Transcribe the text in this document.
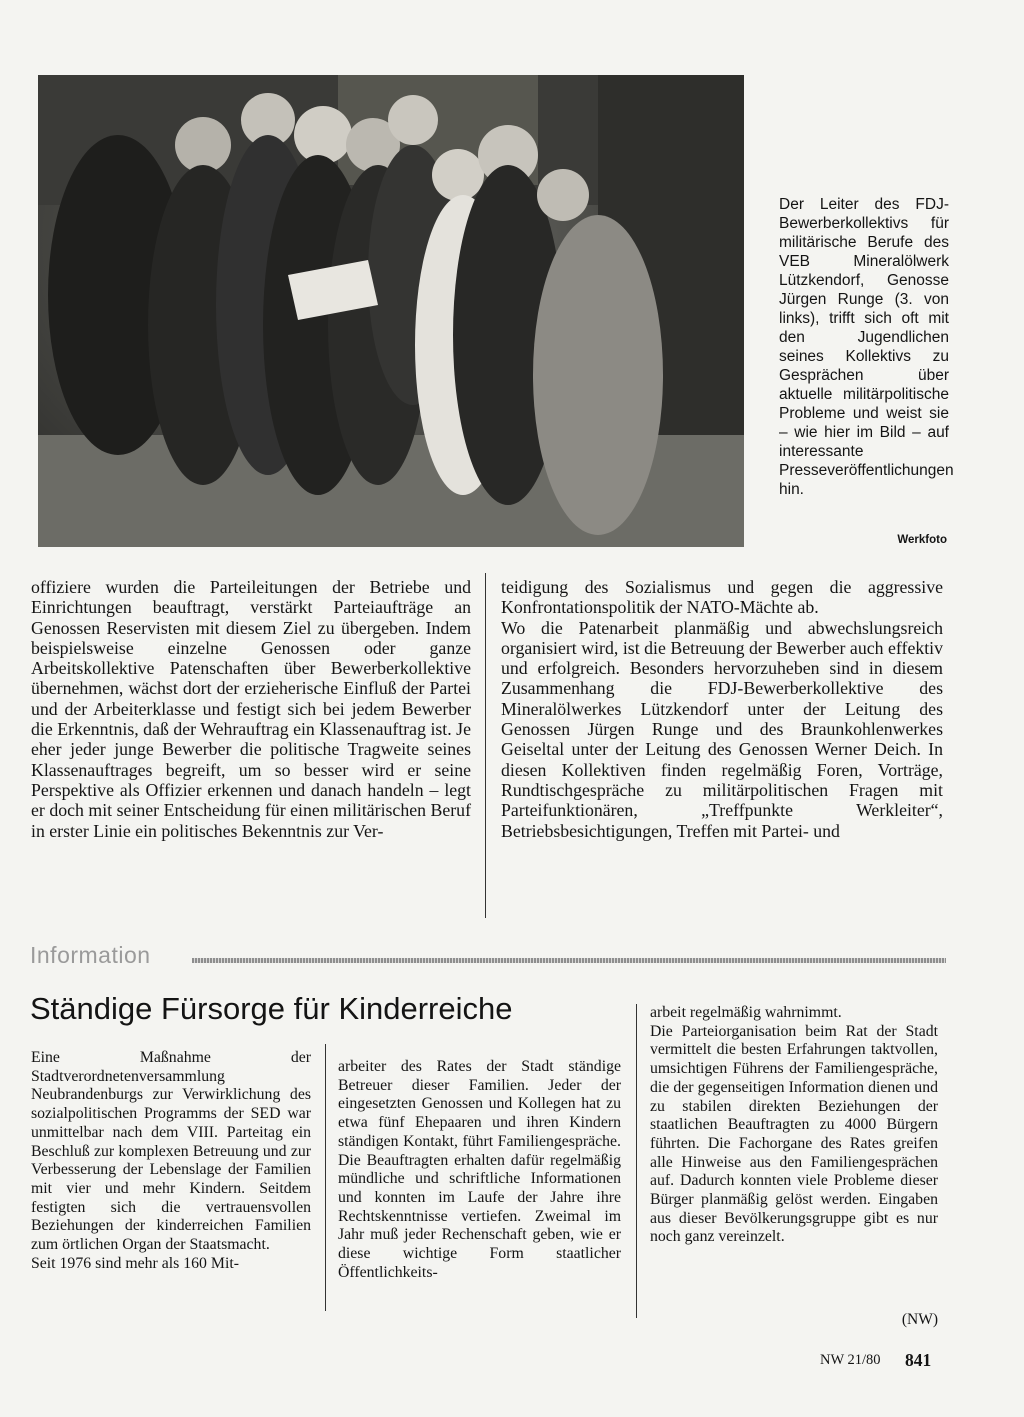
Der Leiter des FDJ-Bewerberkollektivs für militärische Berufe des VEB Mineralölwerk Lützkendorf, Genosse Jürgen Runge (3. von links), trifft sich oft mit den Jugendlichen seines Kollektivs zu Gesprächen über aktuelle militärpolitische Probleme und weist sie – wie hier im Bild – auf interessante Presseveröffentlichungen hin.

Werkfoto

offiziere wurden die Parteileitungen der Betriebe und Einrichtungen beauftragt, verstärkt Parteiaufträge an Genossen Reservisten mit diesem Ziel zu übergeben. Indem beispielsweise einzelne Genossen oder ganze Arbeitskollektive Patenschaften über Bewerberkollektive übernehmen, wächst dort der erzieherische Einfluß der Partei und der Arbeiterklasse und festigt sich bei jedem Bewerber die Erkenntnis, daß der Wehrauftrag ein Klassenauftrag ist. Je eher jeder junge Bewerber die politische Tragweite seines Klassenauftrages begreift, um so besser wird er seine Perspektive als Offizier erkennen und danach handeln – legt er doch mit seiner Entscheidung für einen militärischen Beruf in erster Linie ein politisches Bekenntnis zur Ver-

teidigung des Sozialismus und gegen die aggressive Konfrontationspolitik der NATO-Mächte ab.
Wo die Patenarbeit planmäßig und abwechslungsreich organisiert wird, ist die Betreuung der Bewerber auch effektiv und erfolgreich. Besonders hervorzuheben sind in diesem Zusammenhang die FDJ-Bewerberkollektive des Mineralölwerkes Lützkendorf unter der Leitung des Genossen Jürgen Runge und des Braunkohlenwerkes Geiseltal unter der Leitung des Genossen Werner Deich. In diesen Kollektiven finden regelmäßig Foren, Vorträge, Rundtischgespräche zu militärpolitischen Fragen mit Parteifunktionären, „Treffpunkte Werkleiter“, Betriebsbesichtigungen, Treffen mit Partei- und
Information
Ständige Fürsorge für Kinderreiche
Eine Maßnahme der Stadtverordnetenversammlung Neubrandenburgs zur Verwirklichung des sozialpolitischen Programms der SED war unmittelbar nach dem VIII. Parteitag ein Beschluß zur komplexen Betreuung und zur Verbesserung der Lebenslage der Familien mit vier und mehr Kindern. Seitdem festigten sich die vertrauensvollen Beziehungen der kinderreichen Familien zum örtlichen Organ der Staatsmacht.
Seit 1976 sind mehr als 160 Mit-

arbeiter des Rates der Stadt ständige Betreuer dieser Familien. Jeder der eingesetzten Genossen und Kollegen hat zu etwa fünf Ehepaaren und ihren Kindern ständigen Kontakt, führt Familiengespräche. Die Beauftragten erhalten dafür regelmäßig mündliche und schriftliche Informationen und konnten im Laufe der Jahre ihre Rechtskenntnisse vertiefen. Zweimal im Jahr muß jeder Rechenschaft geben, wie er diese wichtige Form staatlicher Öffentlichkeits-

arbeit regelmäßig wahrnimmt.
Die Parteiorganisation beim Rat der Stadt vermittelt die besten Erfahrungen taktvollen, umsichtigen Führens der Familiengespräche, die der gegenseitigen Information dienen und zu stabilen direkten Beziehungen der staatlichen Beauftragten zu 4000 Bürgern führten. Die Fachorgane des Rates greifen alle Hinweise aus den Familiengesprächen auf. Dadurch konnten viele Probleme dieser Bürger planmäßig gelöst werden. Eingaben aus dieser Bevölkerungsgruppe gibt es nur noch ganz vereinzelt.
(NW)
NW 21/80 841
